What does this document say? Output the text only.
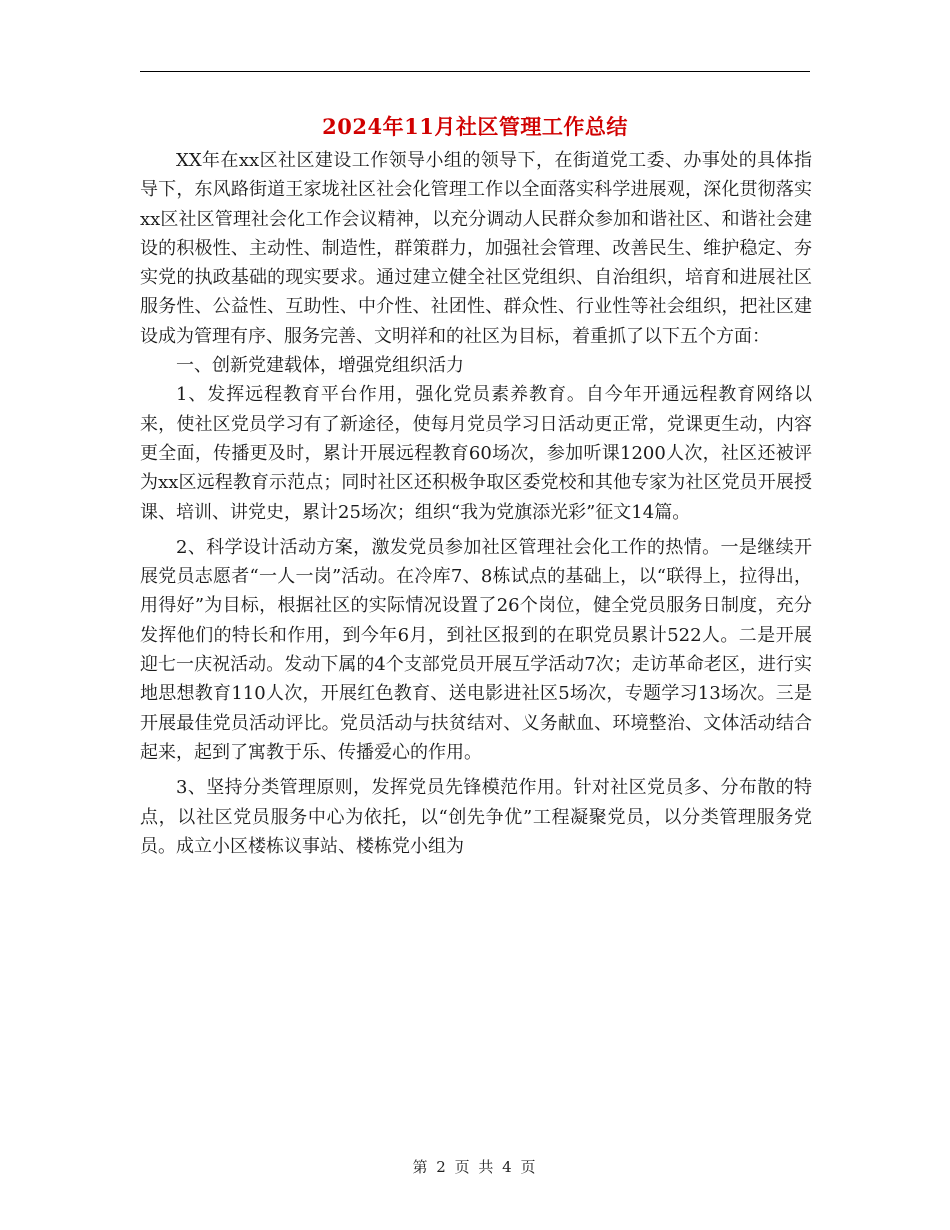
2024年11月社区管理工作总结

XX年在xx区社区建设工作领导小组的领导下，在街道党工委、办事处的具体指导下，东风路街道王家垅社区社会化管理工作以全面落实科学进展观，深化贯彻落实xx区社区管理社会化工作会议精神，以充分调动人民群众参加和谐社区、和谐社会建设的积极性、主动性、制造性，群策群力，加强社会管理、改善民生、维护稳定、夯实党的执政基础的现实要求。通过建立健全社区党组织、自治组织，培育和进展社区服务性、公益性、互助性、中介性、社团性、群众性、行业性等社会组织，把社区建设成为管理有序、服务完善、文明祥和的社区为目标，着重抓了以下五个方面：

一、创新党建载体，增强党组织活力

1、发挥远程教育平台作用，强化党员素养教育。自今年开通远程教育网络以来，使社区党员学习有了新途径，使每月党员学习日活动更正常，党课更生动，内容更全面，传播更及时，累计开展远程教育60场次，参加听课1200人次，社区还被评为xx区远程教育示范点；同时社区还积极争取区委党校和其他专家为社区党员开展授课、培训、讲党史，累计25场次；组织“我为党旗添光彩”征文14篇。

2、科学设计活动方案，激发党员参加社区管理社会化工作的热情。一是继续开展党员志愿者“一人一岗”活动。在冷库7、8栋试点的基础上，以“联得上，拉得出，用得好”为目标，根据社区的实际情况设置了26个岗位，健全党员服务日制度，充分发挥他们的特长和作用，到今年6月，到社区报到的在职党员累计522人。二是开展迎七一庆祝活动。发动下属的4个支部党员开展互学活动7次；走访革命老区，进行实地思想教育110人次，开展红色教育、送电影进社区5场次，专题学习13场次。三是开展最佳党员活动评比。党员活动与扶贫结对、义务献血、环境整治、文体活动结合起来，起到了寓教于乐、传播爱心的作用。

3、坚持分类管理原则，发挥党员先锋模范作用。针对社区党员多、分布散的特点，以社区党员服务中心为依托，以“创先争优”工程凝聚党员，以分类管理服务党员。成立小区楼栋议事站、楼栋党小组为

第 2 页 共 4 页
